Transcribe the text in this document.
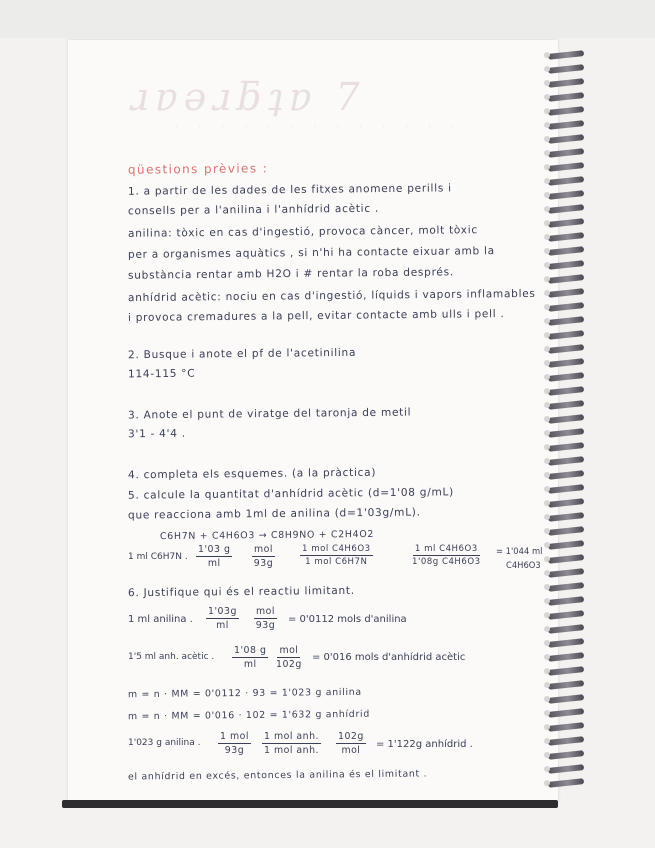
ɹɐǝɹƃʇɐ 7
· · · · · · · · · · · · ·
qüestions prèvies :
1. a partir de les dades de les fitxes anomene perills i
consells per a l'anilina i l'anhídrid acètic .
anilina: tòxic en cas d'ingestió, provoca càncer, molt tòxic
per a organismes aquàtics , si n'hi ha contacte eixuar amb la
substància rentar amb H2O i # rentar la roba després.
anhídrid acètic: nociu en cas d'ingestió, líquids i vapors inflamables
i provoca cremadures a la pell, evitar contacte amb ulls i pell .
2. Busque i anote el pf de l'acetinilina
114-115 °C
3. Anote el punt de viratge del taronja de metil
3'1 - 4'4 .
4. completa els esquemes. (a la pràctica)
5. calcule la quantitat d'anhídrid acètic (d=1'08 g/mL)
que reacciona amb 1ml de anilina (d=1'03g/mL).
C6H7N + C4H6O3 → C8H9NO + C2H4O2
1 ml C6H7N . $\frac{1'03 g}{ml}$ mol
93g
1 mol C4H6O3
1 mol C6H7N	$\frac{\text{1 ml C4H6O3}}{\text{1'08g C4H6O3}} = 1'044$ ml
C4H6O3
6. Justifique qui és el reactiu limitant.
1 ml anilina . $\frac{1'03g}{ml}$ mol
93g
= 0'0112 mols d'anilina
1'5 ml anh. acètic . $\frac{1'08 g}{ml}$ mol
102g
= 0'016 mols d'anhídrid acètic
m = n · MM = 0'0112 · 93 = 1'023 g anilina
m = n · MM = 0'016 · 102 = 1'632 g anhídrid
1'023 g anilina .
1 mol
93g
1 mol anh.
1 mol anh.
102g
mol
= 1'122g anhídrid .
el anhídrid en excés, entonces la anilina és el limitant .
